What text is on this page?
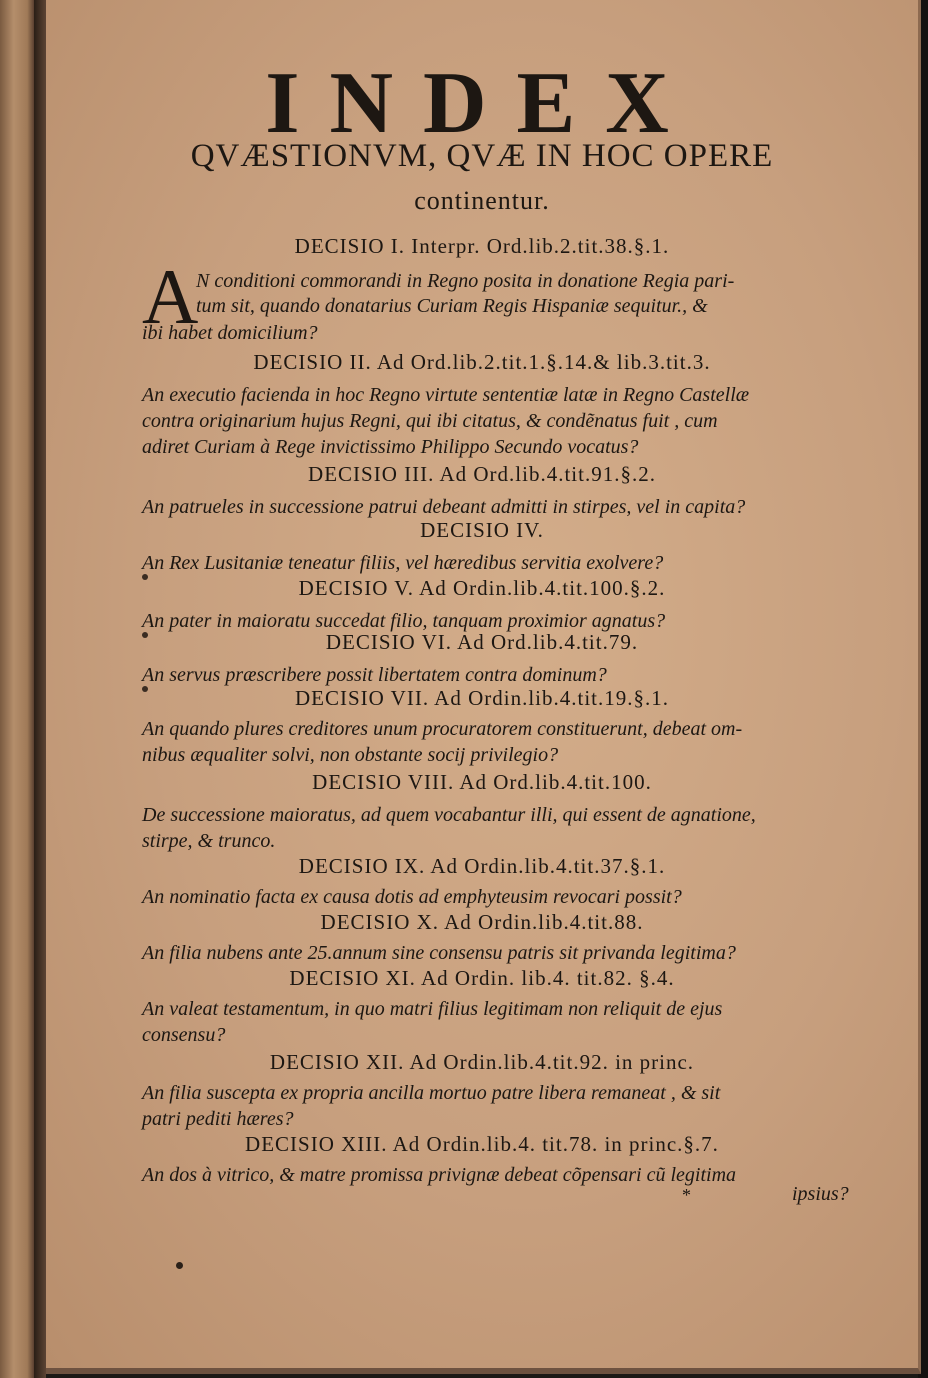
INDEX
QVÆSTIONVM, QVÆ IN HOC OPERE
continentur.
DECISIO I. Interpr. Ord.lib.2.tit.38.§.1.
A
N conditioni commorandi in Regno posita in donatione Regia pari-
tum sit, quando donatarius Curiam Regis Hispaniæ sequitur., &
ibi habet domicilium?
DECISIO II. Ad Ord.lib.2.tit.1.§.14.& lib.3.tit.3.
An executio facienda in hoc Regno virtute sententiæ latæ in Regno Castellæ
contra originarium hujus Regni, qui ibi citatus, & condẽnatus fuit , cum
adiret Curiam à Rege invictissimo Philippo Secundo vocatus?
DECISIO III. Ad Ord.lib.4.tit.91.§.2.
An patrueles in successione patrui debeant admitti in stirpes, vel in capita?
DECISIO IV.
An Rex Lusitaniæ teneatur filiis, vel hæredibus servitia exolvere?
DECISIO V. Ad Ordin.lib.4.tit.100.§.2.
An pater in maioratu succedat filio, tanquam proximior agnatus?
DECISIO VI. Ad Ord.lib.4.tit.79.
An servus præscribere possit libertatem contra dominum?
DECISIO VII. Ad Ordin.lib.4.tit.19.§.1.
An quando plures creditores unum procuratorem constituerunt, debeat om-
nibus æqualiter solvi, non obstante socij privilegio?
DECISIO VIII. Ad Ord.lib.4.tit.100.
De successione maioratus, ad quem vocabantur illi, qui essent de agnatione,
stirpe, & trunco.
DECISIO IX. Ad Ordin.lib.4.tit.37.§.1.
An nominatio facta ex causa dotis ad emphyteusim revocari possit?
DECISIO X. Ad Ordin.lib.4.tit.88.
An filia nubens ante 25.annum sine consensu patris sit privanda legitima?
DECISIO XI. Ad Ordin. lib.4. tit.82. §.4.
An valeat testamentum, in quo matri filius legitimam non reliquit de ejus
consensu?
DECISIO XII. Ad Ordin.lib.4.tit.92. in princ.
An filia suscepta ex propria ancilla mortuo patre libera remaneat , & sit
patri pediti hæres?
DECISIO XIII. Ad Ordin.lib.4. tit.78. in princ.§.7.
An dos à vitrico, & matre promissa privignæ debeat cõpensari cũ legitima
*	ipsius?
